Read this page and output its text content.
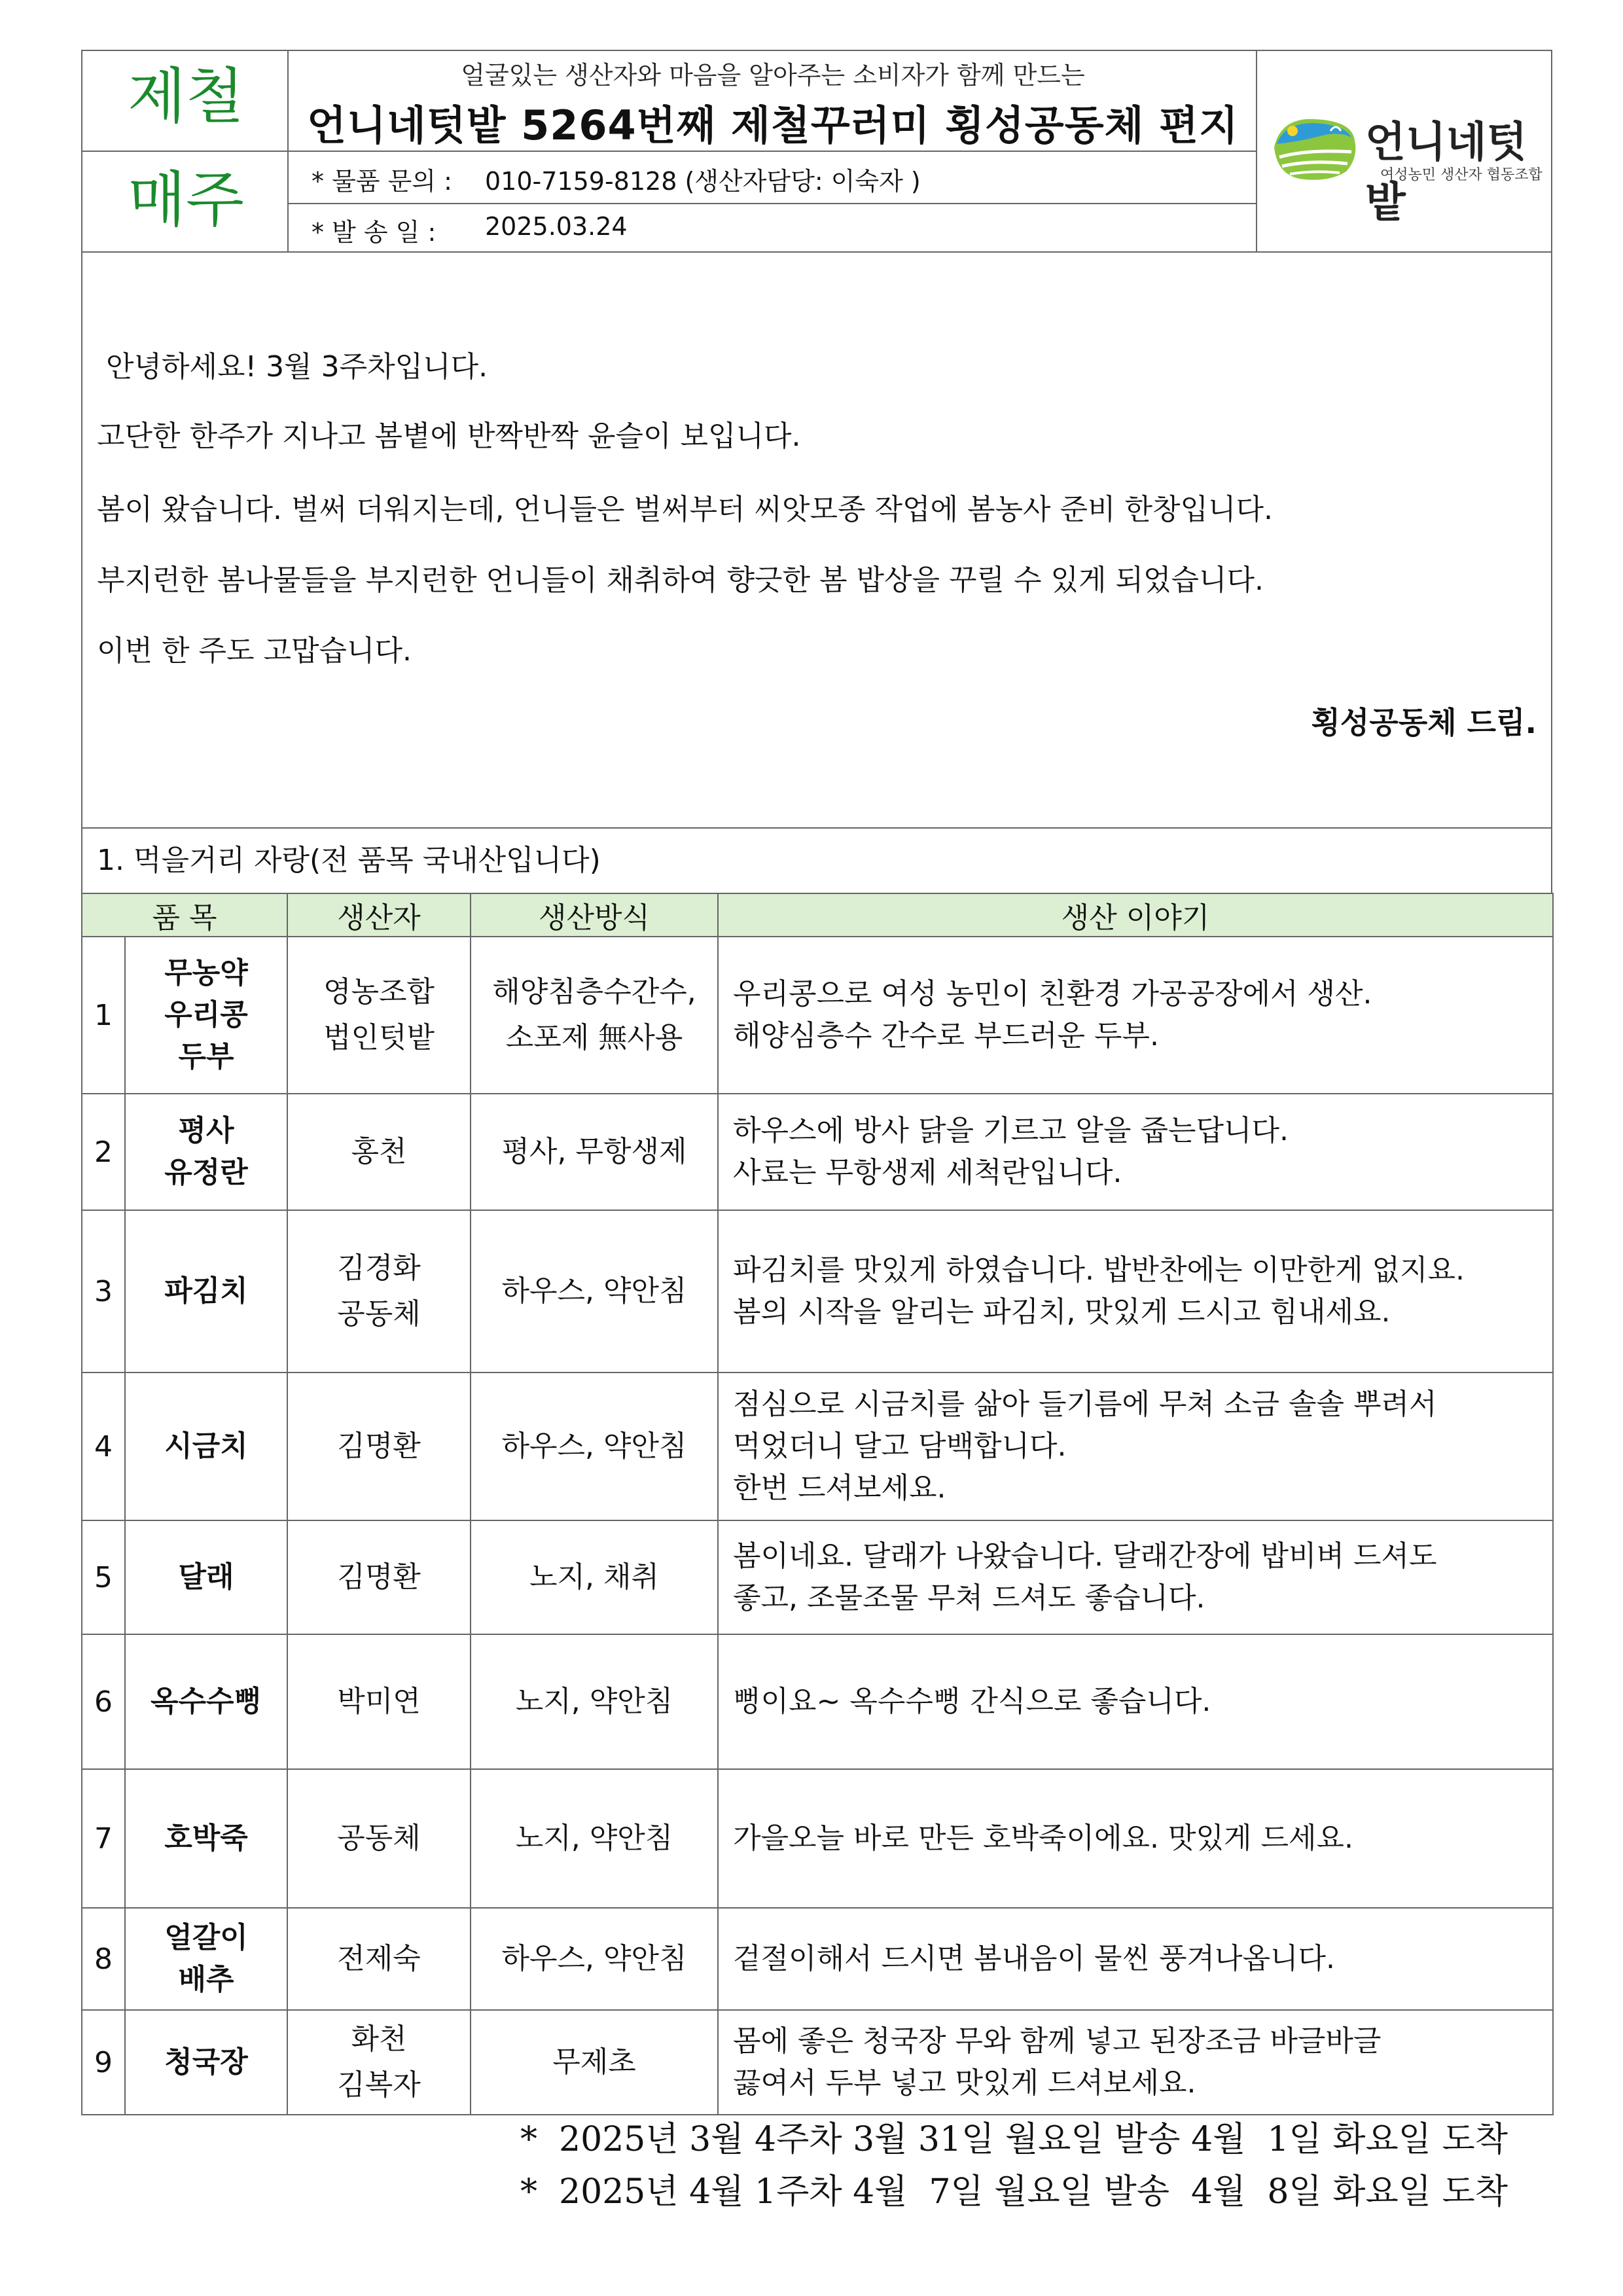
제철
매주
얼굴있는 생산자와 마음을 알아주는 소비자가 함께 만드는
언니네텃밭 5264번째 제철꾸러미 횡성공동체 편지
* 물품 문의 : 010-7159-8128 (생산자담당: 이숙자 )
* 발 송 일 : 2025.03.24
언니네텃밭
여성농민 생산자 협동조합
안녕하세요! 3월 3주차입니다.
고단한 한주가 지나고 봄볕에 반짝반짝 윤슬이 보입니다.
봄이 왔습니다. 벌써 더워지는데, 언니들은 벌써부터 씨앗모종 작업에 봄농사 준비 한창입니다.
부지런한 봄나물들을 부지런한 언니들이 채취하여 향긋한 봄 밥상을 꾸릴 수 있게 되었습니다.
이번 한 주도 고맙습니다.
횡성공동체 드림.
1. 먹을거리 자랑(전 품목 국내산입니다)
품 목		생산자	생산방식	생산 이야기
1	무농약
우리콩
두부	영농조합
법인텃밭	해양침층수간수,
소포제 無사용	우리콩으로 여성 농민이 친환경 가공공장에서 생산.
해양심층수 간수로 부드러운 두부.

2	평사
유정란	홍천	평사, 무항생제	하우스에 방사 닭을 기르고 알을 줍는답니다.
사료는 무항생제 세척란입니다.

3	파김치	김경화
공동체	하우스, 약안침	파김치를 맛있게 하였습니다. 밥반찬에는 이만한게 없지요.
봄의 시작을 알리는 파김치, 맛있게 드시고 힘내세요.

4	시금치	김명환	하우스, 약안침	점심으로 시금치를 삶아 들기름에 무쳐 소금 솔솔 뿌려서
먹었더니 달고 담백합니다.
한번 드셔보세요.

5	달래	김명환	노지, 채취	봄이네요. 달래가 나왔습니다. 달래간장에 밥비벼 드셔도
좋고, 조물조물 무쳐 드셔도 좋습니다.

6	옥수수뻥	박미연	노지, 약안침	뻥이요~ 옥수수뻥 간식으로 좋습니다.

7	호박죽	공동체	노지, 약안침	가을오늘 바로 만든 호박죽이에요. 맛있게 드세요.

8	얼갈이
배추	전제숙	하우스, 약안침	겉절이해서 드시면 봄내음이 물씬 풍겨나옵니다.

9	청국장	화천
김복자	무제초	몸에 좋은 청국장 무와 함께 넣고 된장조금 바글바글
끓여서 두부 넣고 맛있게 드셔보세요.
*  2025년 3월 4주차 3월 31일 월요일 발송 4월  1일 화요일 도착
*  2025년 4월 1주차 4월  7일 월요일 발송  4월  8일 화요일 도착
